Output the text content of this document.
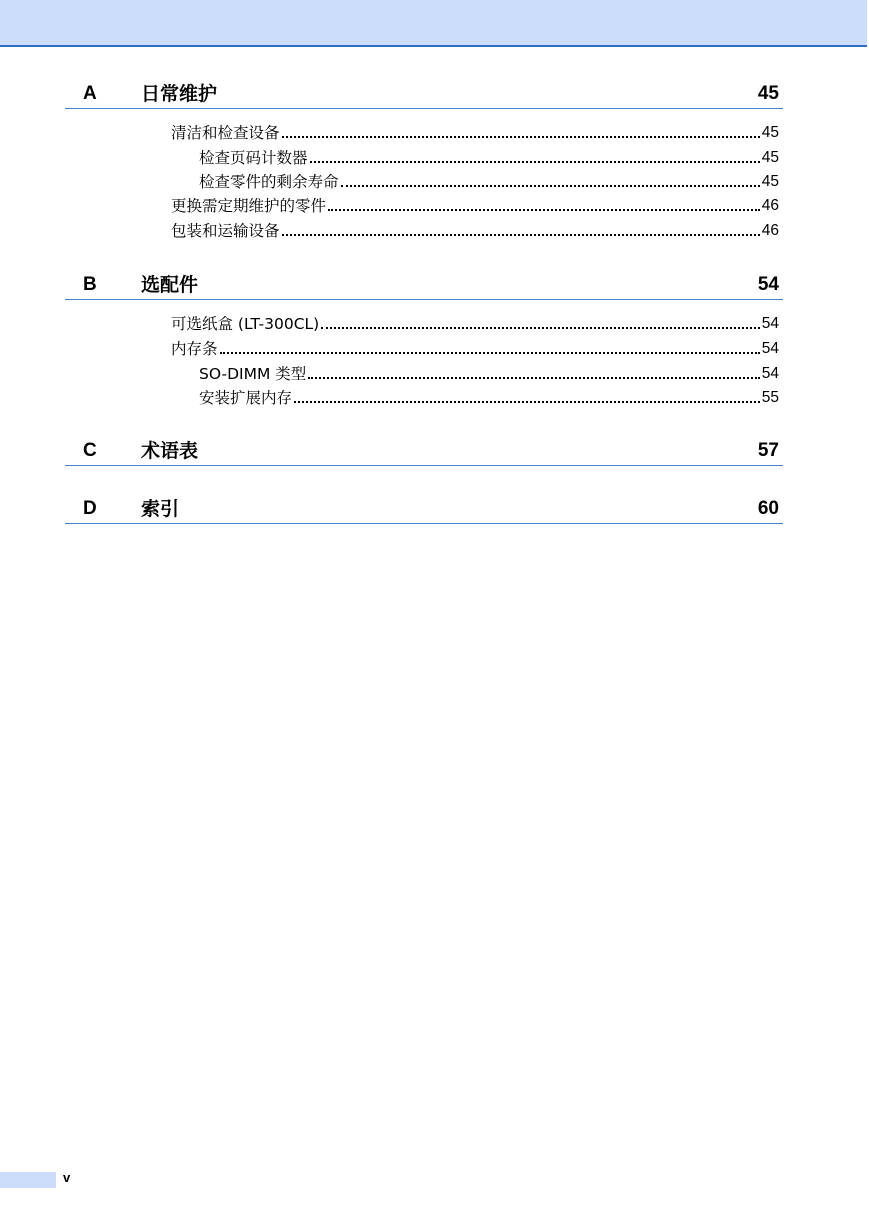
A 日常维护	45
清洁和检查设备	45
检查页码计数器	45
检查零件的剩余寿命	45
更换需定期维护的零件	46
包装和运输设备	46
B 选配件	54
可选纸盒 (LT-300CL)	54
内存条	54
SO-DIMM 类型	54
安装扩展内存	55
C 术语表	57
D 索引	60
v
